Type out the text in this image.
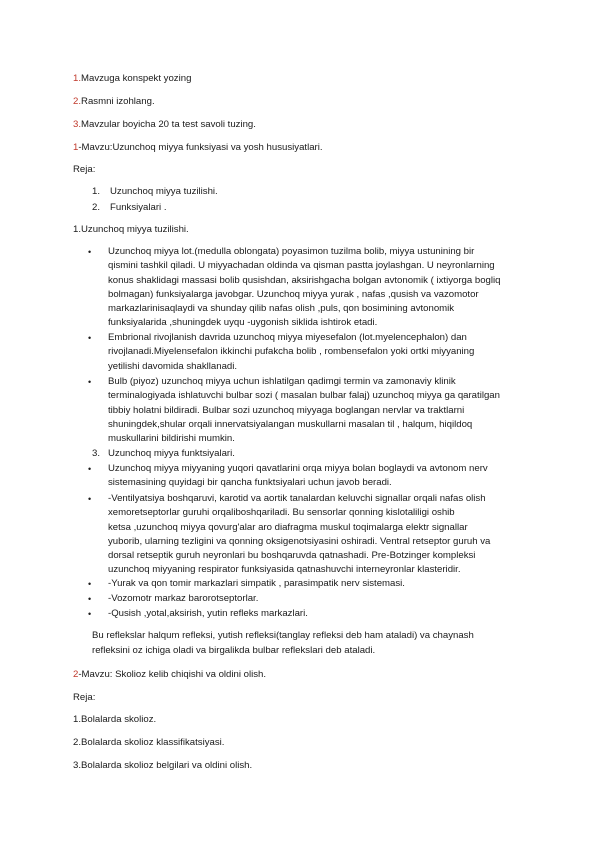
1.Mavzuga konspekt yozing
2.Rasmni izohlang.
3.Mavzular boyicha 20 ta test savoli tuzing.
1-Mavzu:Uzunchoq miyya funksiyasi va yosh hususiyatlari.
Reja:
1.	Uzunchoq miyya tuzilishi.
2.	Funksiyalari .
1.Uzunchoq miyya tuzilishi.
• Uzunchoq miyya lot.(medulla oblongata) poyasimon tuzilma bolib, miyya ustunining bir
qismini tashkil qiladi. U miyyachadan oldinda va qisman pastta joylashgan. U neyronlarning
konus shaklidagi massasi bolib qusishdan, aksirishgacha bolgan avtonomik ( ixtiyorga bogliq
bolmagan) funksiyalarga javobgar. Uzunchoq miyya yurak , nafas ,qusish va vazomotor
markazlarinisaqlaydi va shunday qilib nafas olish ,puls, qon bosimining avtonomik
funksiyalarida ,shuningdek uyqu -uygonish siklida ishtirok etadi.
• Embrional rivojlanish davrida uzunchoq miyya miyesefalon (lot.myelencephalon) dan
rivojlanadi.Miyelensefalon ikkinchi pufakcha bolib , rombensefalon yoki ortki miyyaning
yetilishi davomida shakllanadi.
• Bulb (piyoz) uzunchoq miyya uchun ishlatilgan qadimgi termin va zamonaviy klinik
terminalogiyada ishlatuvchi bulbar sozi ( masalan bulbar falaj) uzunchoq miyya ga qaratilgan
tibbiy holatni bildiradi. Bulbar sozi uzunchoq miyyaga boglangan nervlar va traktlarni
shuningdek,shular orqali innervatsiyalangan muskullarni masalan til , halqum, hiqildoq
muskullarini bildirishi mumkin.
3. Uzunchoq miyya funktsiyalari.
• Uzunchoq miyya miyyaning yuqori qavatlarini orqa miyya bolan boglaydi va avtonom nerv
sistemasining quyidagi bir qancha funktsiyalari uchun javob beradi.
• -Ventilyatsiya boshqaruvi, karotid va aortik tanalardan keluvchi signallar orqali nafas olish
xemoretseptorlar guruhi orqaliboshqariladi. Bu sensorlar qonning kislotaliligi oshib
ketsa ,uzunchoq miyya qovurg'alar aro diafragma muskul toqimalarga elektr signallar
yuborib, ularning tezligini va qonning oksigenotsiyasini oshiradi. Ventral retseptor guruh va
dorsal retseptik guruh neyronlari bu boshqaruvda qatnashadi. Pre-Botzinger kompleksi
uzunchoq miyyaning respirator funksiyasida qatnashuvchi interneyronlar klasteridir.
• -Yurak va qon tomir markazlari simpatik , parasimpatik nerv sistemasi.
• -Vozomotr markaz barorotseptorlar.
• -Qusish ,yotal,aksirish, yutin refleks markazlari.
Bu reflekslar halqum refleksi, yutish refleksi(tanglay refleksi deb ham ataladi) va chaynash
refleksini oz ichiga oladi va birgalikda bulbar reflekslari deb ataladi.
2-Mavzu: Skolioz kelib chiqishi va oldini olish.
Reja:
1.Bolalarda skolioz.
2.Bolalarda skolioz klassifikatsiyasi.
3.Bolalarda skolioz belgilari va oldini olish.
